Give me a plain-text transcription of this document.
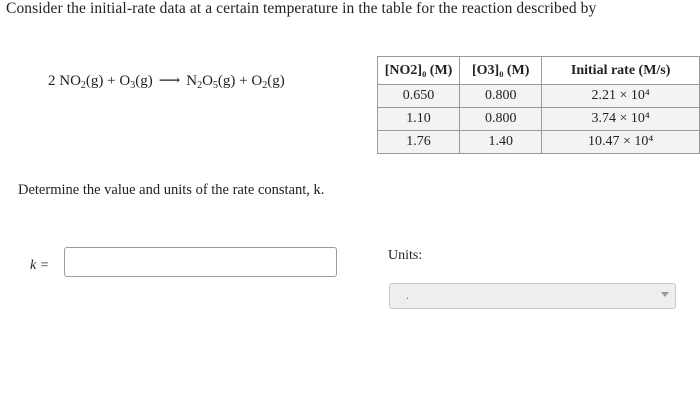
Consider the initial-rate data at a certain temperature in the table for the reaction described by
2 $NO_2(g) + O_3(g)$ ⟶ $N_2O_5(g) + O_2(g)$
[NO2]₀ (M)	[O3]₀ (M)	Initial rate (M/s)
0.650	0.800	2.21 × 10⁴
1.10	0.800	3.74 × 10⁴
1.76	1.40	10.47 × 10⁴
Determine the value and units of the rate constant, k.
k =
Units:
.
